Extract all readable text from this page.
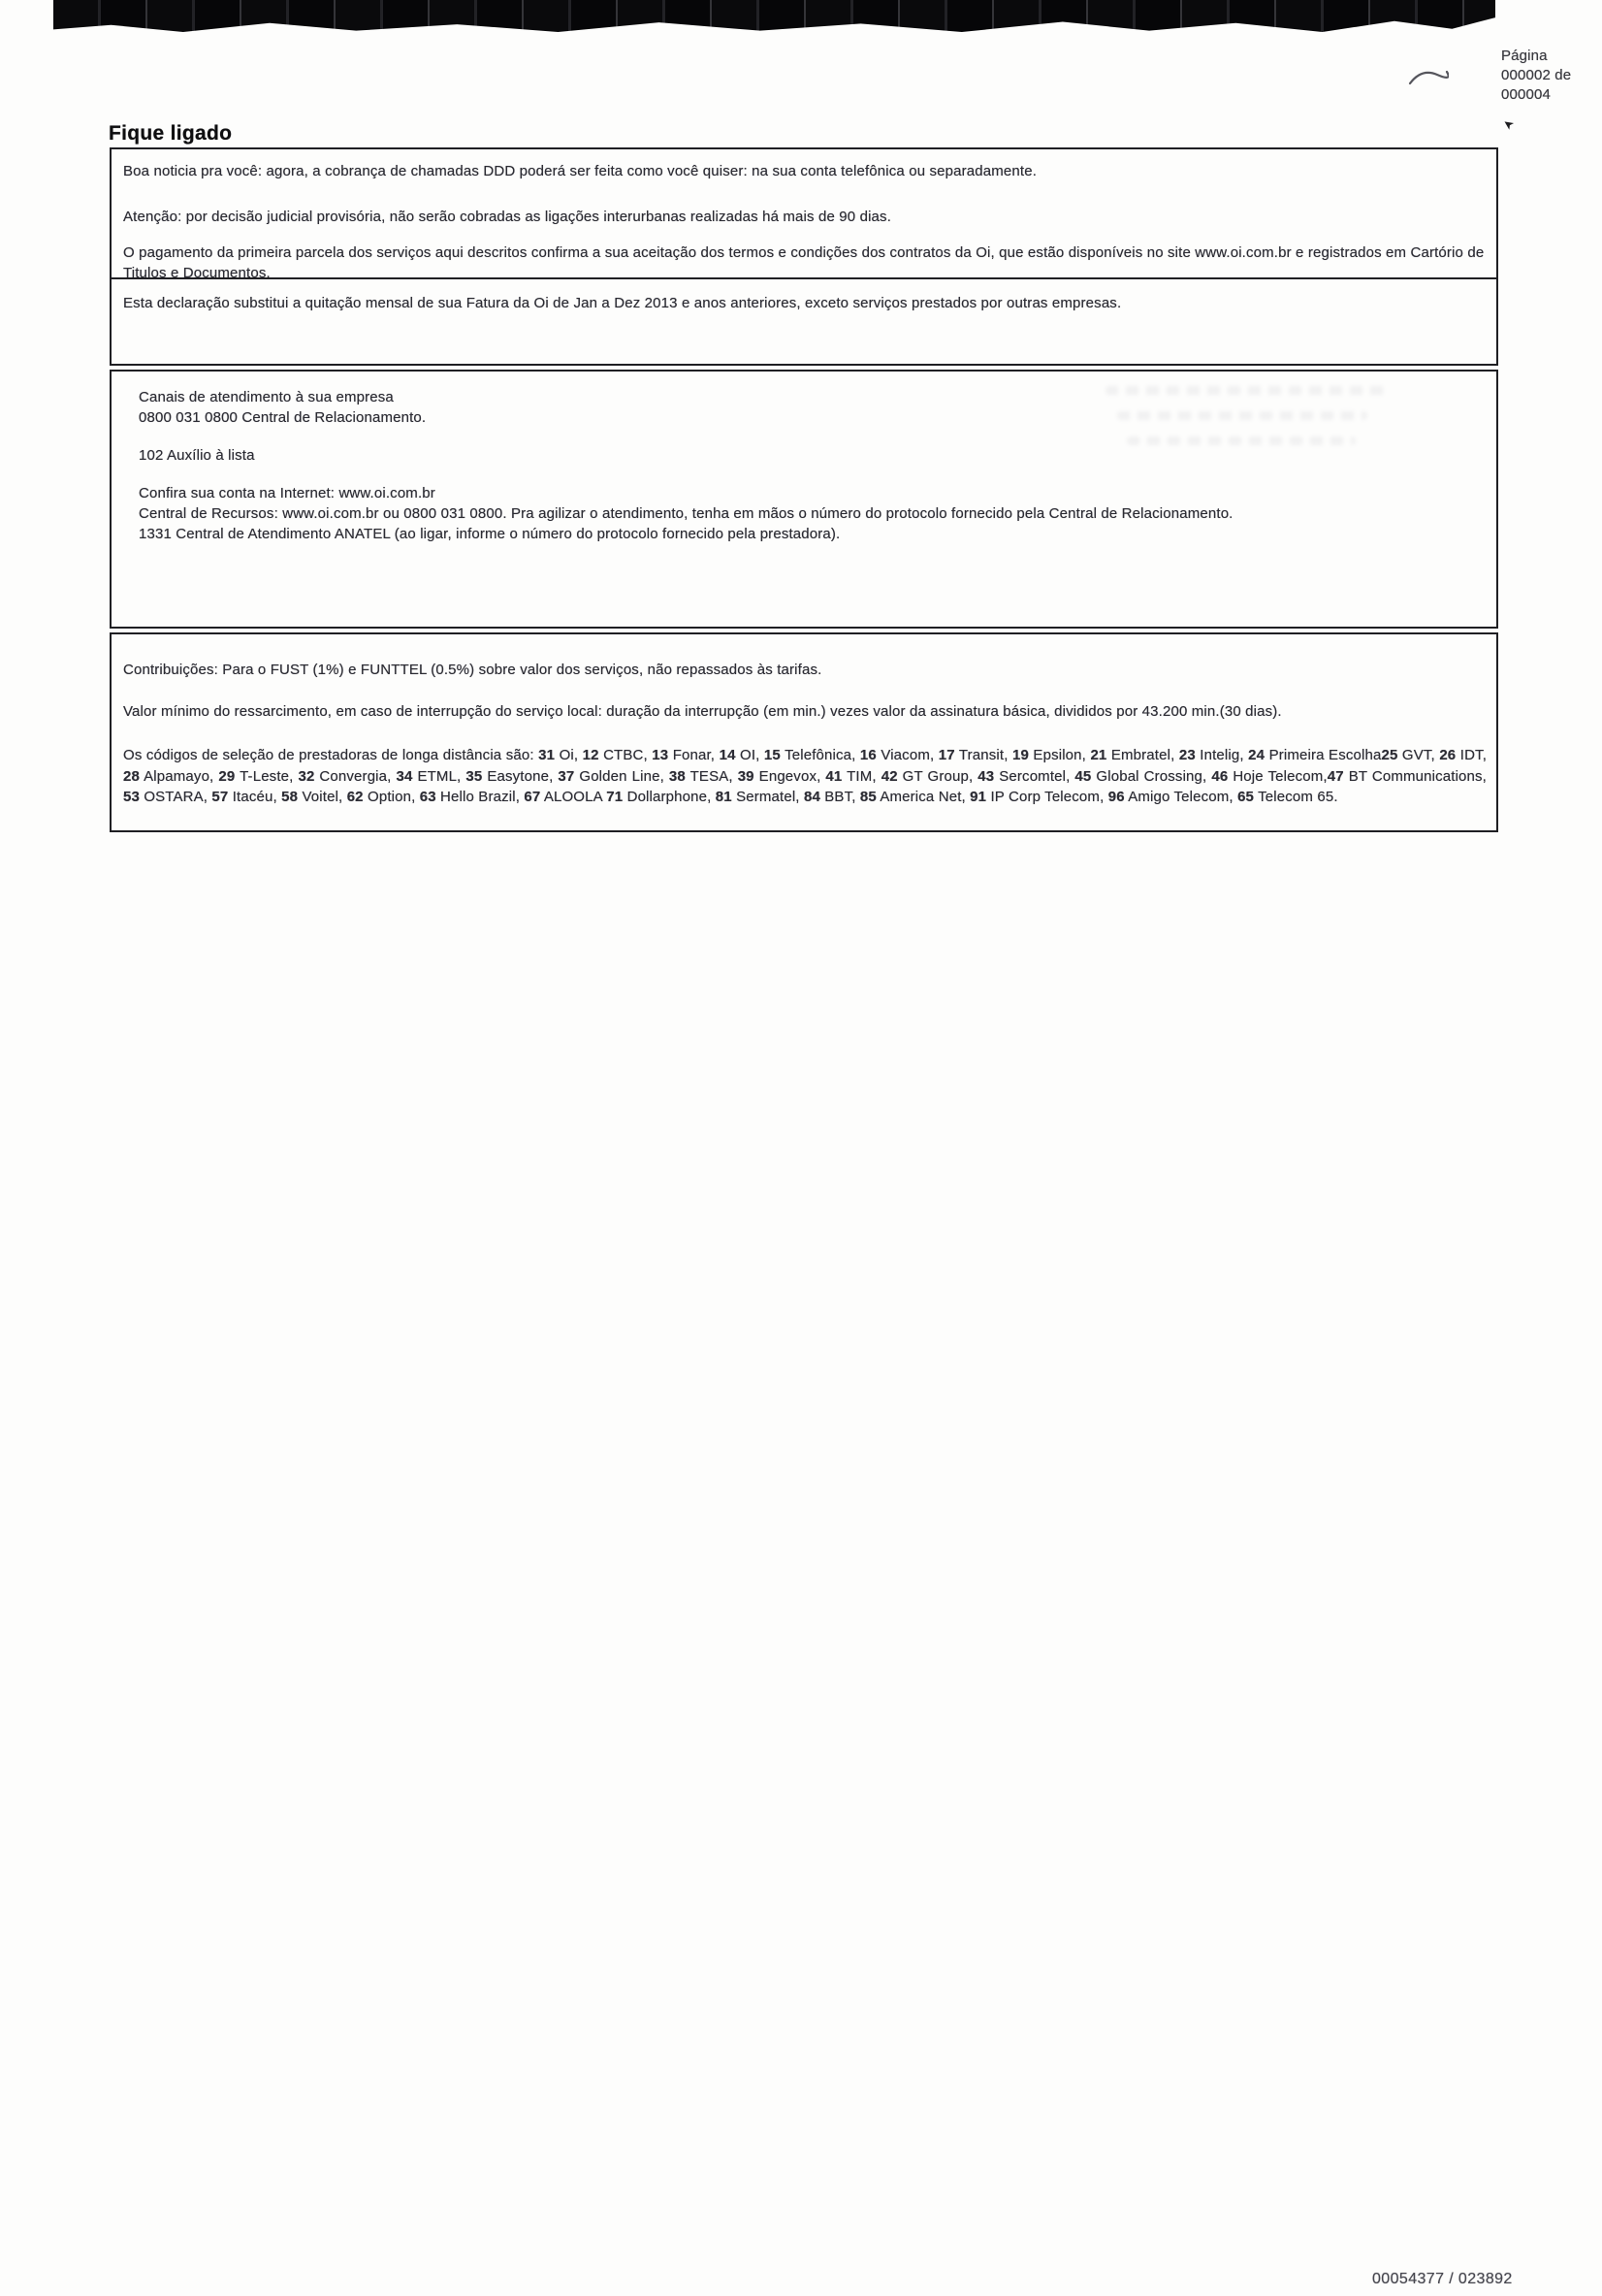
Página
000002 de
000004
➤
Fique ligado

Boa noticia pra você: agora, a cobrança de chamadas DDD poderá ser feita como você quiser: na sua conta telefônica ou separadamente.

Atenção: por decisão judicial provisória, não serão cobradas as ligações interurbanas realizadas há mais de 90 dias.

O pagamento da primeira parcela dos serviços aqui descritos confirma a sua aceitação dos termos e condições dos contratos da Oi, que estão disponíveis no site www.oi.com.br e registrados em Cartório de Titulos e Documentos.

Esta declaração substitui a quitação mensal de sua Fatura da Oi de Jan a Dez 2013 e anos anteriores, exceto serviços prestados por outras empresas.

Canais de atendimento à sua empresa
0800 031 0800 Central de Relacionamento.
102 Auxílio à lista
Confira sua conta na Internet: www.oi.com.br
Central de Recursos: www.oi.com.br ou 0800 031 0800. Pra agilizar o atendimento, tenha em mãos o número do protocolo fornecido pela Central de Relacionamento.
1331 Central de Atendimento ANATEL (ao ligar, informe o número do protocolo fornecido pela prestadora).

Contribuições: Para o FUST (1%) e FUNTTEL (0.5%) sobre valor dos serviços, não repassados às tarifas.

Valor mínimo do ressarcimento, em caso de interrupção do serviço local: duração da interrupção (em min.) vezes valor da assinatura básica, divididos por 43.200 min.(30 dias).

Os códigos de seleção de prestadoras de longa distância são: 31 Oi, 12 CTBC, 13 Fonar, 14 OI, 15 Telefônica, 16 Viacom, 17 Transit, 19 Epsilon, 21 Embratel, 23 Intelig, 24 Primeira Escolha25 GVT, 26 IDT, 28 Alpamayo, 29 T-Leste, 32 Convergia, 34 ETML, 35 Easytone, 37 Golden Line, 38 TESA, 39 Engevox, 41 TIM, 42 GT Group, 43 Sercomtel, 45 Global Crossing, 46 Hoje Telecom,47 BT Communications, 53 OSTARA, 57 Itacéu, 58 Voitel, 62 Option, 63 Hello Brazil, 67 ALOOLA 71 Dollarphone, 81 Sermatel, 84 BBT, 85 America Net, 91 IP Corp Telecom, 96 Amigo Telecom, 65 Telecom 65.

00054377 / 023892
